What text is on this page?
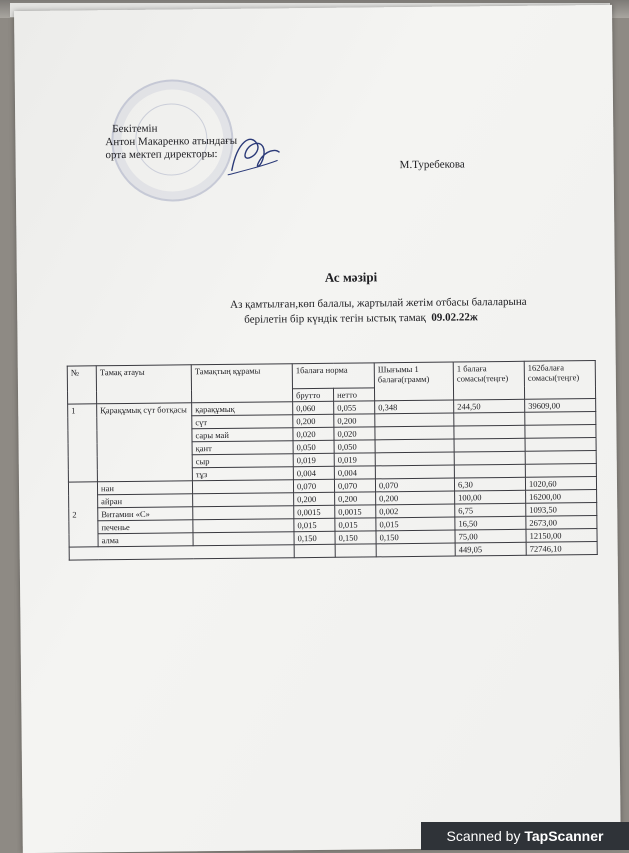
Бекітемін
Антон Макаренко атындағы
орта мектеп директоры:
М.Туребекова
Ас мәзірі
Аз қамтылған,көп балалы, жартылай жетім отбасы балаларына
берілетін бір күндік тегін ыстық тамақ 09.02.22ж
№	Тамақ атауы	Тамақтың құрамы	1балаға норма		Шығымы 1 балаға(грамм)	1 балаға сомасы(теңге)	162балаға сомасы(теңге)
			брутто	нетто			
1	Қарақұмық сүт ботқасы	қарақұмық	0,060	0,055	0,348	244,50	39609,00
		сүт	0,200	0,200			
		сары май	0,020	0,020			
		қант	0,050	0,050			
		сыр	0,019	0,019			
		тұз	0,004	0,004			
2	нан		0,070	0,070	0,070	6,30	1020,60
	айран		0,200	0,200	0,200	100,00	16200,00
	Витамин «С»		0,0015	0,0015	0,002	6,75	1093,50
	печенье		0,015	0,015	0,015	16,50	2673,00
	алма		0,150	0,150	0,150	75,00	12150,00
						449,05	72746,10
Scanned by TapScanner
